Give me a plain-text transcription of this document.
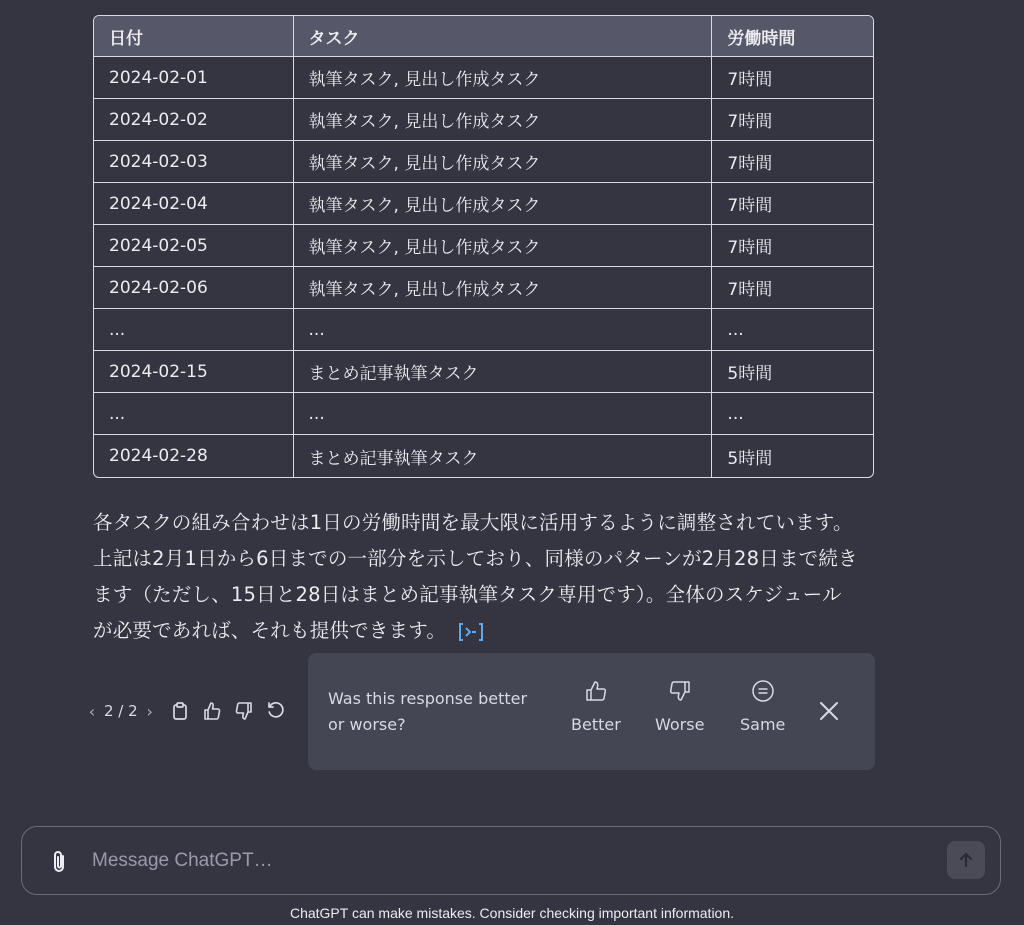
日付	タスク	労働時間
2024-02-01	執筆タスク, 見出し作成タスク	7時間
2024-02-02	執筆タスク, 見出し作成タスク	7時間
2024-02-03	執筆タスク, 見出し作成タスク	7時間
2024-02-04	執筆タスク, 見出し作成タスク	7時間
2024-02-05	執筆タスク, 見出し作成タスク	7時間
2024-02-06	執筆タスク, 見出し作成タスク	7時間
...	...	...
2024-02-15	まとめ記事執筆タスク	5時間
...	...	...
2024-02-28	まとめ記事執筆タスク	5時間
各タスクの組み合わせは1日の労働時間を最大限に活用するように調整されています。
上記は2月1日から6日までの一部分を示しており、同様のパターンが2月28日まで続き
ます（ただし、15日と28日はまとめ記事執筆タスク専用です）。全体のスケジュール
が必要であれば、それも提供できます。
‹ 2 / 2 ›
Was this response better or worse?	Better Worse Same
Message ChatGPT…
ChatGPT can make mistakes. Consider checking important information.
